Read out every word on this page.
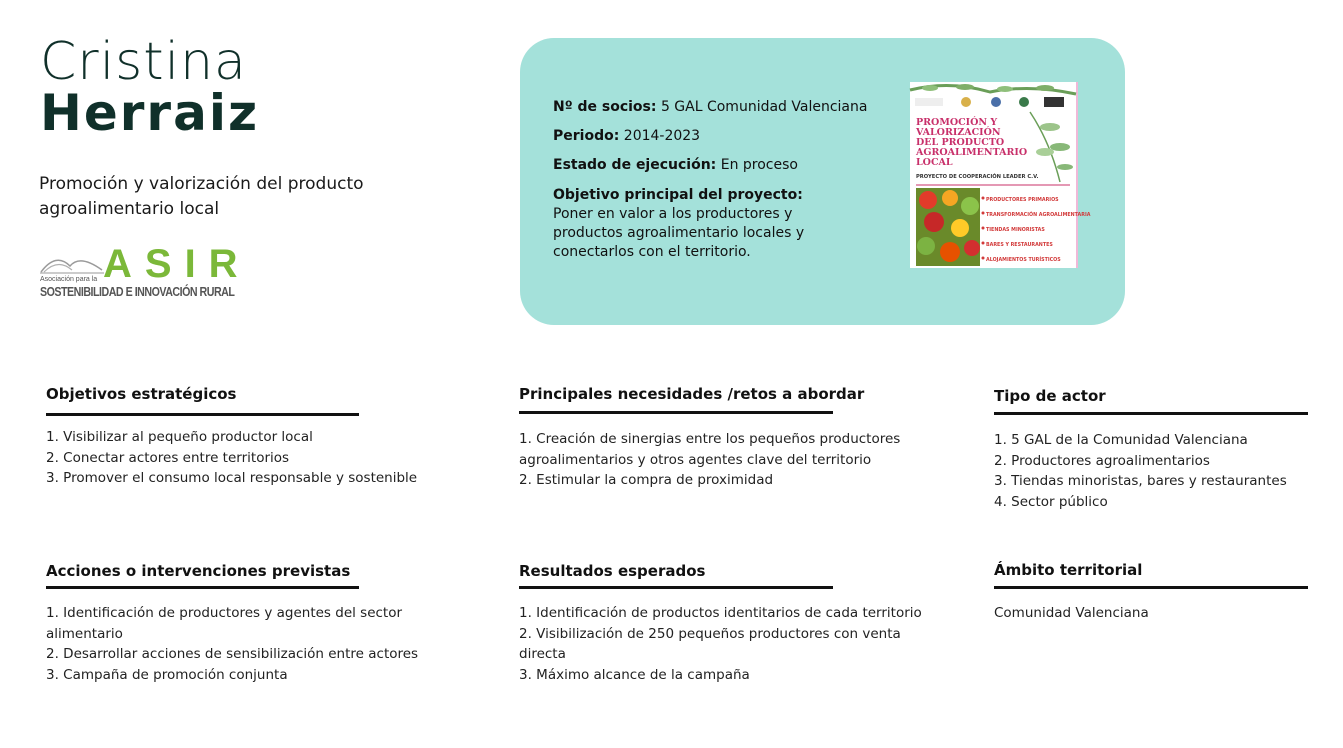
Cristina
Herraiz
Promoción y valorización del producto agroalimentario local
ASIR
Asociación para la
SOSTENIBILIDAD E INNOVACIÓN RURAL
Nº de socios: 5 GAL Comunidad Valenciana
Periodo: 2014-2023
Estado de ejecución: En proceso
Objetivo principal del proyecto:
Poner en valor a los productores y productos agroalimentario locales y conectarlos con el territorio.
PROMOCIÓN Y VALORIZACIÓN DEL PRODUCTO AGROALIMENTARIO LOCAL
PROYECTO DE COOPERACIÓN LEADER C.V.
PRODUCTORES PRIMARIOS
TRANSFORMACIÓN AGROALIMENTARIA
TIENDAS MINORISTAS
BARES Y RESTAURANTES
ALOJAMIENTOS TURÍSTICOS
Objetivos estratégicos
1. Visibilizar al pequeño productor local
2. Conectar actores entre territorios
3. Promover el consumo local responsable y sostenible
Principales necesidades /retos a abordar
1. Creación de sinergias entre los pequeños productores agroalimentarios y otros agentes clave del territorio
2. Estimular la compra de proximidad
Tipo de actor
1. 5 GAL de la Comunidad Valenciana
2. Productores agroalimentarios
3. Tiendas minoristas, bares y restaurantes
4. Sector público
Acciones o intervenciones previstas
1. Identificación de productores y agentes del sector alimentario
2. Desarrollar acciones de sensibilización entre actores
3. Campaña de promoción conjunta
Resultados esperados
1. Identificación de productos identitarios de cada territorio
2. Visibilización de 250 pequeños productores con venta directa
3. Máximo alcance de la campaña
Ámbito territorial
Comunidad Valenciana
